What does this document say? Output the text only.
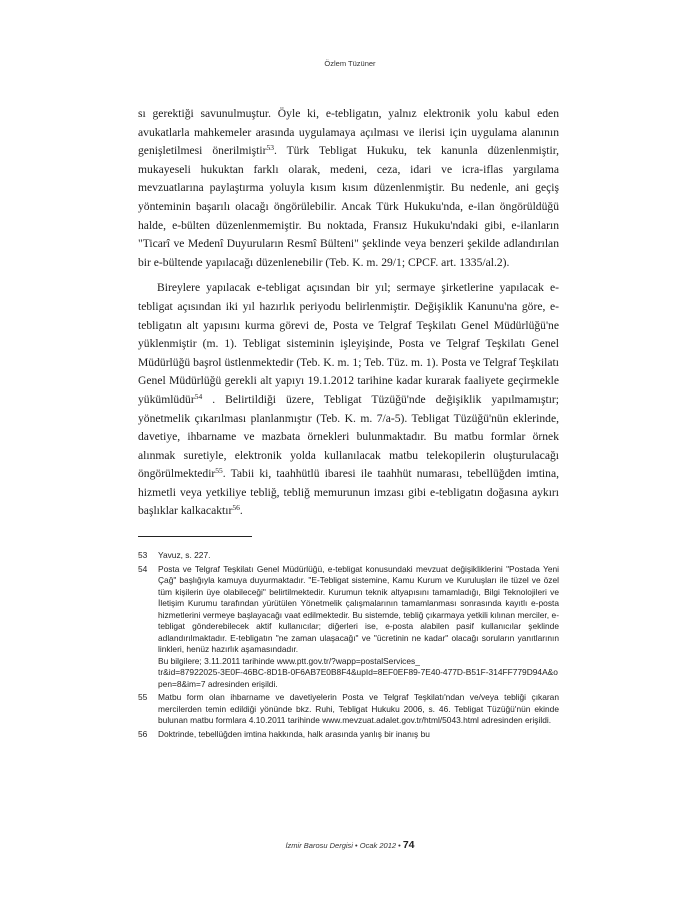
Özlem Tüzüner

sı gerektiği savunulmuştur. Öyle ki, e-tebligatın, yalnız elektronik yolu kabul eden avukatlarla mahkemeler arasında uygulamaya açılması ve ilerisi için uygulama alanının genişletilmesi önerilmiştir$^{53}$. Türk Tebligat Hukuku, tek kanunla düzenlenmiştir, mukayeseli hukuktan farklı olarak, medeni, ceza, idari ve icra-iflas yargılama mevzuatlarına paylaştırma yoluyla kısım kısım düzenlenmiştir. Bu nedenle, ani geçiş yönteminin başarılı olacağı öngörülebilir. Ancak Türk Hukuku'nda, e-ilan öngörüldüğü halde, e-bülten düzenlenmemiştir. Bu noktada, Fransız Hukuku'ndaki gibi, e-ilanların "Ticarî ve Medenî Duyuruların Resmî Bülteni" şeklinde veya benzeri şekilde adlandırılan bir e-bültende yapılacağı düzenlenebilir (Teb. K. m. 29/1; CPCF. art. 1335/al.2).

Bireylere yapılacak e-tebligat açısından bir yıl; sermaye şirketlerine yapılacak e-tebligat açısından iki yıl hazırlık periyodu belirlenmiştir. Değişiklik Kanunu'na göre, e-tebligatın alt yapısını kurma görevi de, Posta ve Telgraf Teşkilatı Genel Müdürlüğü'ne yüklenmiştir (m. 1). Tebligat sisteminin işleyişinde, Posta ve Telgraf Teşkilatı Genel Müdürlüğü başrol üstlenmektedir (Teb. K. m. 1; Teb. Tüz. m. 1). Posta ve Telgraf Teşkilatı Genel Müdürlüğü gerekli alt yapıyı 19.1.2012 tarihine kadar kurarak faaliyete geçirmekle yükümlüdür$^{54}$ . Belirtildiği üzere, Tebligat Tüzüğü'nde değişiklik yapılmamıştır; yönetmelik çıkarılması planlanmıştır (Teb. K. m. 7/a-5). Tebligat Tüzüğü'nün eklerinde, davetiye, ihbarname ve mazbata örnekleri bulunmaktadır. Bu matbu formlar örnek alınmak suretiyle, elektronik yolda kullanılacak matbu telekopilerin oluşturulacağı öngörülmektedir$^{55}$. Tabii ki, taahhütlü ibaresi ile taahhüt numarası, tebellüğden imtina, hizmetli veya yetkiliye tebliğ, tebliğ memurunun imzası gibi e-tebligatın doğasına aykırı başlıklar kalkacaktır$^{56}$.

53	Yavuz, s. 227.
54	Posta ve Telgraf Teşkilatı Genel Müdürlüğü, e-tebligat konusundaki mevzuat değişikliklerini "Postada Yeni Çağ" başlığıyla kamuya duyurmaktadır. "E-Tebligat sistemine, Kamu Kurum ve Kuruluşları ile tüzel ve özel tüm kişilerin üye olabileceği" belirtilmektedir. Kurumun teknik altyapısını tamamladığı, Bilgi Teknolojileri ve İletişim Kurumu tarafından yürütülen Yönetmelik çalışmalarının tamamlanması sonrasında kayıtlı e-posta hizmetlerini vermeye başlayacağı vaat edilmektedir. Bu sistemde, tebliğ çıkarmaya yetkili kılınan merciler, e-tebligat gönderebilecek aktif kullanıcılar; diğerleri ise, e-posta alabilen pasif kullanıcılar şeklinde adlandırılmaktadır. E-tebligatın "ne zaman ulaşacağı" ve "ücretinin ne kadar" olacağı soruların yanıtlarının linkleri, henüz hazırlık aşamasındadır.
Bu bilgilere; 3.11.2011 tarihinde www.ptt.gov.tr/?wapp=postalServices_
tr&id=87922025-3E0F-46BC-8D1B-0F6AB7E0B8F4&upId=8EF0EF89-7E40-477D-B51F-314FF779D94A&open=8&im=7 adresinden erişildi.
55	Matbu form olan ihbarname ve davetiyelerin Posta ve Telgraf Teşkilatı'ndan ve/veya tebliği çıkaran mercilerden temin edildiği yönünde bkz. Ruhi, Tebligat Hukuku 2006, s. 46. Tebligat Tüzüğü'nün ekinde bulunan matbu formlara 4.10.2011 tarihinde www.mevzuat.adalet.gov.tr/html/5043.html adresinden erişildi.
56	Doktrinde, tebellüğden imtina hakkında, halk arasında yanlış bir inanış bu
İzmir Barosu Dergisi • Ocak 2012 • 74
